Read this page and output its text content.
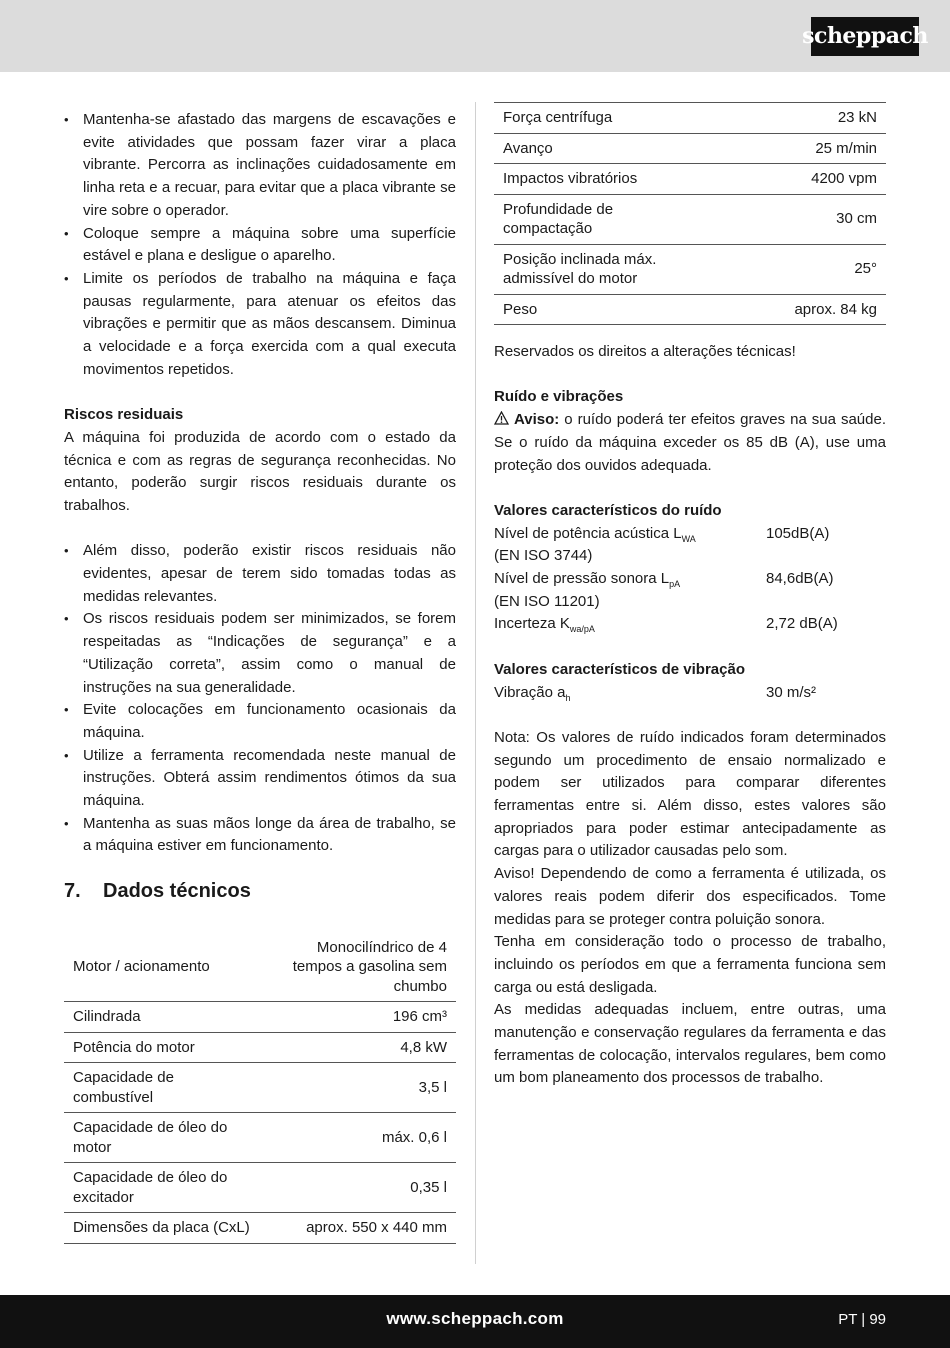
scheppach
• Mantenha-se afastado das margens de escavações e evite atividades que possam fazer virar a placa vibrante. Percorra as inclinações cuidadosamente em linha reta e a recuar, para evitar que a placa vibrante se vire sobre o operador.
• Coloque sempre a máquina sobre uma superfície estável e plana e desligue o aparelho.
• Limite os períodos de trabalho na máquina e faça pausas regularmente, para atenuar os efeitos das vibrações e permitir que as mãos descansem. Diminua a velocidade e a força exercida com a qual executa movimentos repetidos.
Riscos residuais

A máquina foi produzida de acordo com o estado da técnica e com as regras de segurança reconhecidas. No entanto, poderão surgir riscos residuais durante os trabalhos.

• Além disso, poderão existir riscos residuais não evidentes, apesar de terem sido tomadas todas as medidas relevantes.
• Os riscos residuais podem ser minimizados, se forem respeitadas as “Indicações de segurança” e a “Utilização correta”, assim como o manual de instruções na sua generalidade.
• Evite colocações em funcionamento ocasionais da máquina.
• Utilize a ferramenta recomendada neste manual de instruções. Obterá assim rendimentos ótimos da sua máquina.
• Mantenha as suas mãos longe da área de trabalho, se a máquina estiver em funcionamento.
7.	Dados técnicos
Motor / acionamento	Monocilíndrico de 4 tempos a gasolina sem chumbo
Cilindrada	196 cm³
Potência do motor	4,8 kW
Capacidade de combustível	3,5 l
Capacidade de óleo do motor	máx. 0,6 l
Capacidade de óleo do excitador	0,35 l
Dimensões da placa (CxL)	aprox. 550 x 440 mm
Força centrífuga	23 kN
Avanço	25 m/min
Impactos vibratórios	4200 vpm
Profundidade de compactação	30 cm
Posição inclinada máx. admissível do motor	25°
Peso	aprox. 84 kg

Reservados os direitos a alterações técnicas!

Ruído e vibrações

Aviso: o ruído poderá ter efeitos graves na sua saúde. Se o ruído da máquina exceder os 85 dB (A), use uma proteção dos ouvidos adequada.

Valores característicos do ruído
Nível de potência acústica $L_{WA}$	105dB(A)
(EN ISO 3744)
Nível de pressão sonora $L_{pA}$	84,6dB(A)
(EN ISO 11201)
Incerteza $K_{wa/pA}$	2,72 dB(A)
Valores característicos de vibração
Vibração $a_h$	30 m/s²

Nota: Os valores de ruído indicados foram determinados segundo um procedimento de ensaio normalizado e podem ser utilizados para comparar diferentes ferramentas entre si. Além disso, estes valores são apropriados para poder estimar antecipadamente as cargas para o utilizador causadas pelo som.

Aviso! Dependendo de como a ferramenta é utilizada, os valores reais podem diferir dos especificados. Tome medidas para se proteger contra poluição sonora.

Tenha em consideração todo o processo de trabalho, incluindo os períodos em que a ferramenta funciona sem carga ou está desligada.

As medidas adequadas incluem, entre outras, uma manutenção e conservação regulares da ferramenta e das ferramentas de colocação, intervalos regulares, bem como um bom planeamento dos processos de trabalho.

www.scheppach.com	PT | 99
